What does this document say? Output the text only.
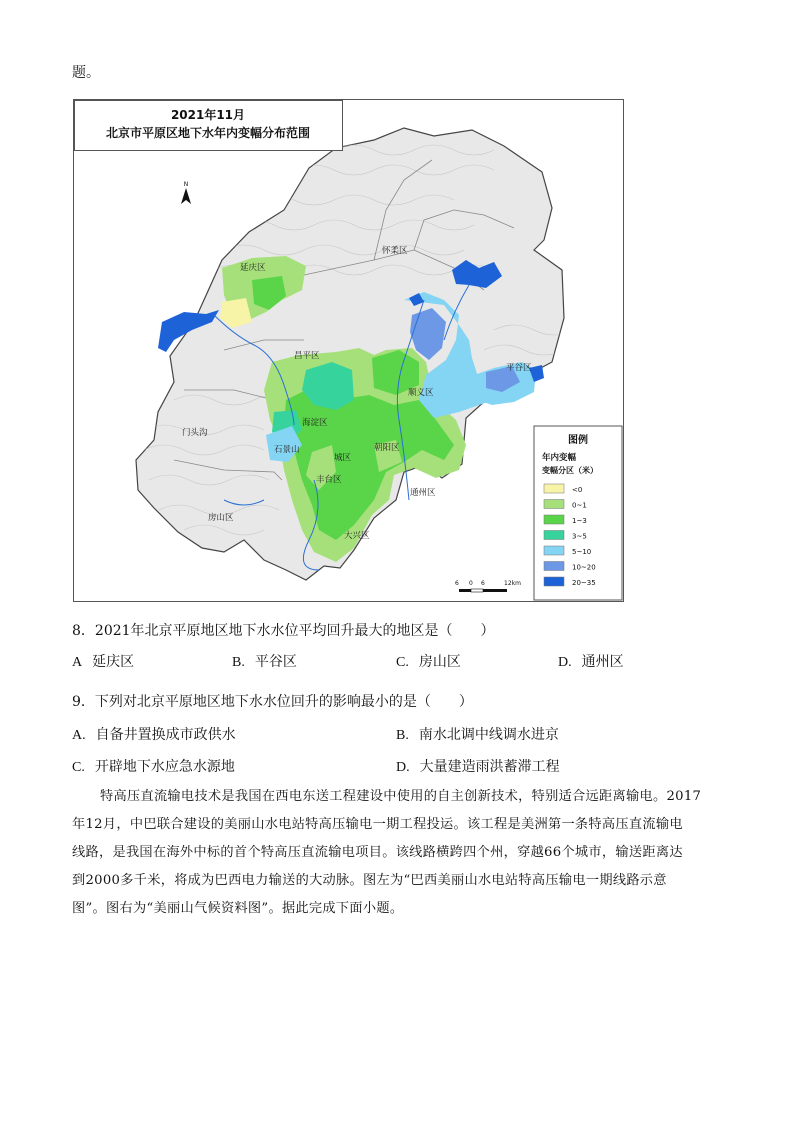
题。
怀柔区
延庆区
昌平区
平谷区
顺义区
门头沟
海淀区
石景山	朝阳区
城区
丰台区
通州区
房山区
大兴区
2021年11月
北京市平原区地下水年内变幅分布范围
N
图例
年内变幅
变幅分区（米）
<0
0~1
1~3
3~5
5~10
10~20
20~35
6 0 6	12km
8．2021年北京平原地区地下水水位平均回升最大的地区是（　　）
A 延庆区	B. 平谷区	C. 房山区	D. 通州区
9．下列对北京平原地区地下水水位回升的影响最小的是（　　）
A. 自备井置换成市政供水	B. 南水北调中线调水进京
C. 开辟地下水应急水源地	D. 大量建造雨洪蓄滞工程

特高压直流输电技术是我国在西电东送工程建设中使用的自主创新技术，特别适合远距离输电。2017

年12月，中巴联合建设的美丽山水电站特高压输电一期工程投运。该工程是美洲第一条特高压直流输电

线路，是我国在海外中标的首个特高压直流输电项目。该线路横跨四个州，穿越66个城市，输送距离达

到2000多千米，将成为巴西电力输送的大动脉。图左为“巴西美丽山水电站特高压输电一期线路示意

图”。图右为“美丽山气候资料图”。据此完成下面小题。
